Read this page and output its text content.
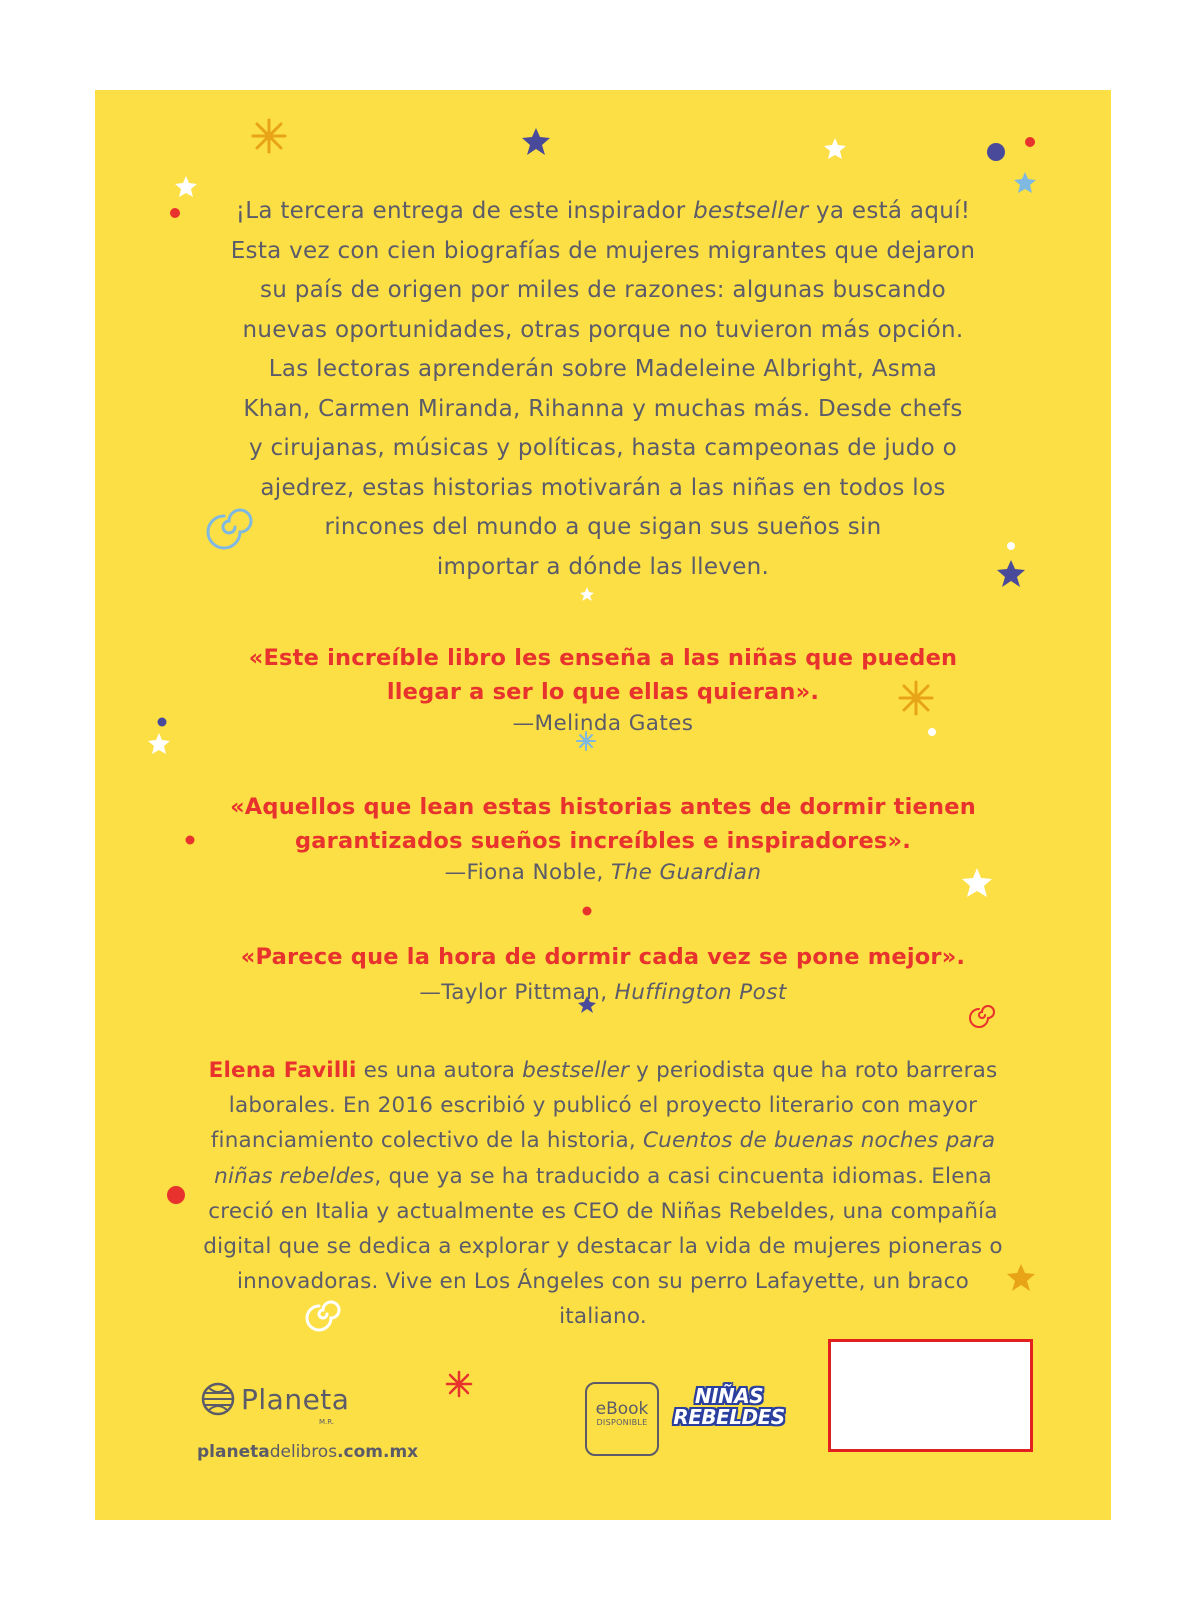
¡La tercera entrega de este inspirador bestseller ya está aquí!
Esta vez con cien biografías de mujeres migrantes que dejaron
su país de origen por miles de razones: algunas buscando
nuevas oportunidades, otras porque no tuvieron más opción.
Las lectoras aprenderán sobre Madeleine Albright, Asma
Khan, Carmen Miranda, Rihanna y muchas más. Desde chefs
y cirujanas, músicas y políticas, hasta campeonas de judo o
ajedrez, estas historias motivarán a las niñas en todos los
rincones del mundo a que sigan sus sueños sin
importar a dónde las lleven.
«Este increíble libro les enseña a las niñas que pueden
llegar a ser lo que ellas quieran».
—Melinda Gates
«Aquellos que lean estas historias antes de dormir tienen
garantizados sueños increíbles e inspiradores».
—Fiona Noble, The Guardian
«Parece que la hora de dormir cada vez se pone mejor».
—Taylor Pittman, Huffington Post
Elena Favilli es una autora bestseller y periodista que ha roto barreras laborales. En 2016 escribió y publicó el proyecto literario con mayor financiamiento colectivo de la historia, Cuentos de buenas noches para niñas rebeldes, que ya se ha traducido a casi cincuenta idiomas. Elena creció en Italia y actualmente es CEO de Niñas Rebeldes, una compañía digital que se dedica a explorar y destacar la vida de mujeres pioneras o innovadoras. Vive en Los Ángeles con su perro Lafayette, un braco italiano.
Planeta
M.R.
planetadelibros.com.mx
eBook
DISPONIBLE
NIÑAS
REBELDES
